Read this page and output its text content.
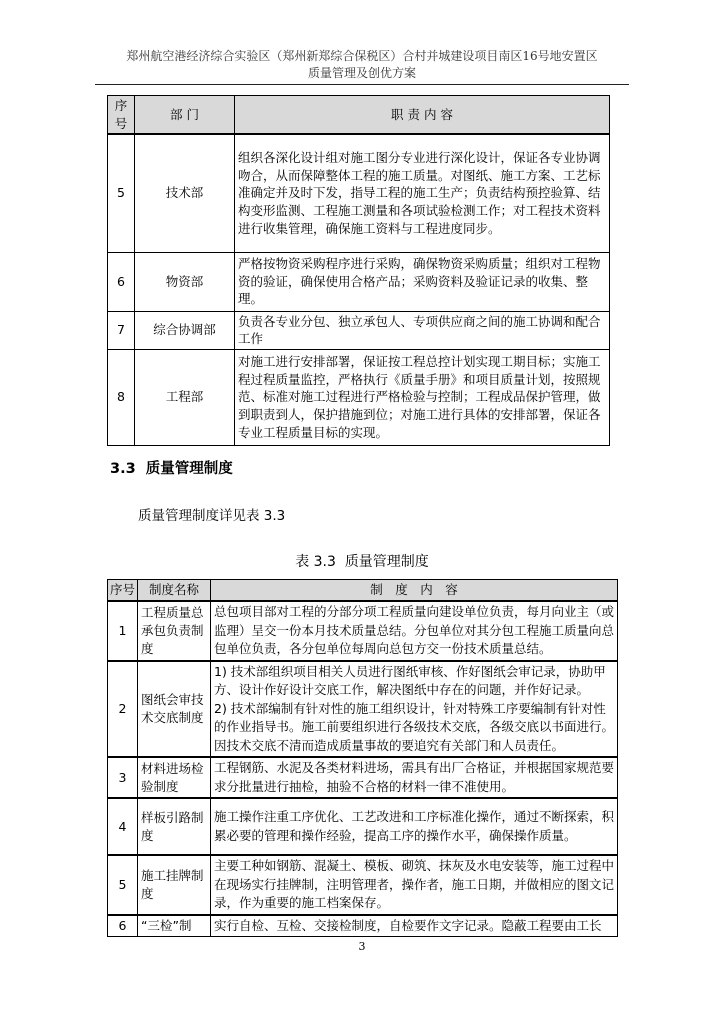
郑州航空港经济综合实验区（郑州新郑综合保税区）合村并城建设项目南区16号地安置区
质量管理及创优方案
序号	部 门	职 责 内 容
5	技术部	组织各深化设计组对施工图分专业进行深化设计，保证各专业协调吻合，从而保障整体工程的施工质量。对图纸、施工方案、工艺标准确定并及时下发，指导工程的施工生产；负责结构预控验算、结构变形监测、工程施工测量和各项试验检测工作；对工程技术资料进行收集管理，确保施工资料与工程进度同步。
6	物资部	严格按物资采购程序进行采购，确保物资采购质量；组织对工程物资的验证，确保使用合格产品；采购资料及验证记录的收集、整理。
7	综合协调部	负责各专业分包、独立承包人、专项供应商之间的施工协调和配合工作
8	工程部	对施工进行安排部署，保证按工程总控计划实现工期目标；实施工程过程质量监控，严格执行《质量手册》和项目质量计划，按照规范、标准对施工过程进行严格检验与控制；工程成品保护管理，做到职责到人，保护措施到位；对施工进行具体的安排部署，保证各专业工程质量目标的实现。
3.3 质量管理制度
质量管理制度详见表 3.3
表 3.3 质量管理制度
序号	制度名称	制　度　内　容
1	工程质量总承包负责制度	总包项目部对工程的分部分项工程质量向建设单位负责，每月向业主（或监理）呈交一份本月技术质量总结。分包单位对其分包工程施工质量向总包单位负责，各分包单位每周向总包方交一份技术质量总结。
2	图纸会审技术交底制度	1) 技术部组织项目相关人员进行图纸审核、作好图纸会审记录，协助甲方、设计作好设计交底工作，解决图纸中存在的问题，并作好记录。
2) 技术部编制有针对性的施工组织设计，针对特殊工序要编制有针对性的作业指导书。施工前要组织进行各级技术交底，各级交底以书面进行。因技术交底不清而造成质量事故的要追究有关部门和人员责任。
3	材料进场检验制度	工程钢筋、水泥及各类材料进场，需具有出厂合格证，并根据国家规范要求分批量进行抽检，抽验不合格的材料一律不准使用。
4	样板引路制度	施工操作注重工序优化、工艺改进和工序标准化操作，通过不断探索，积累必要的管理和操作经验，提高工序的操作水平，确保操作质量。
5	施工挂牌制度	主要工种如钢筋、混凝土、模板、砌筑、抹灰及水电安装等，施工过程中在现场实行挂牌制，注明管理者，操作者，施工日期，并做相应的图文记录，作为重要的施工档案保存。
6	“三检”制	实行自检、互检、交接检制度，自检要作文字记录。隐蔽工程要由工长
3
